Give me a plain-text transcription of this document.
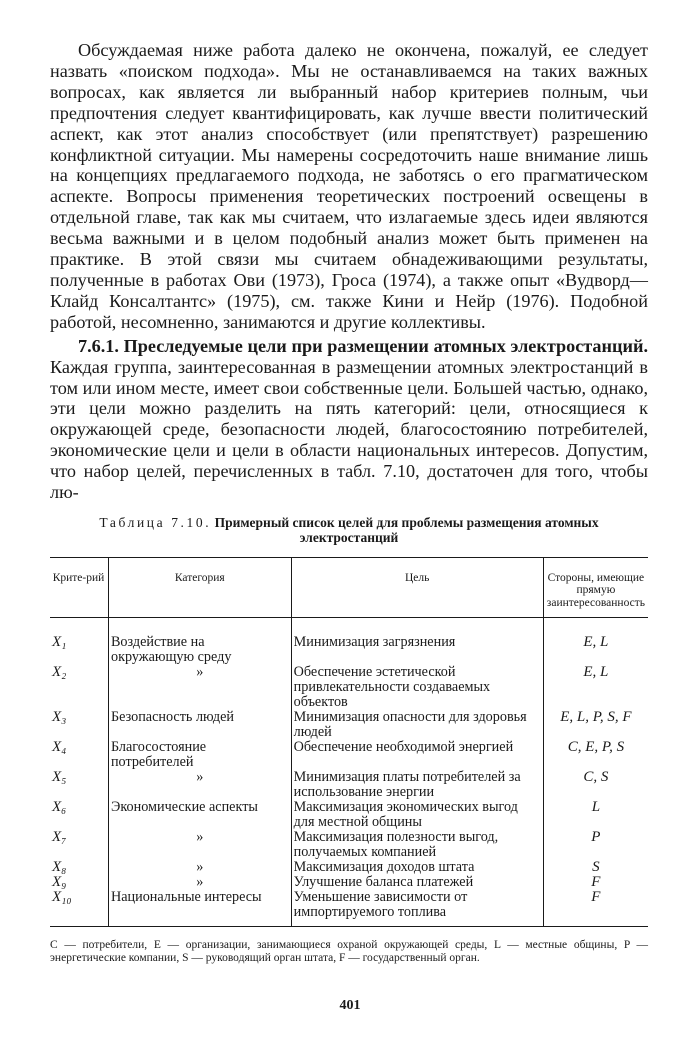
Обсуждаемая ниже работа далеко не окончена, пожалуй, ее следует назвать «поиском подхода». Мы не останавливаемся на таких важных вопросах, как является ли выбранный набор критериев полным, чьи предпочтения следует квантифицировать, как лучше ввести политический аспект, как этот анализ способствует (или препятствует) разрешению конфликтной ситуации. Мы намерены сосредоточить наше внимание лишь на концепциях предлагаемого подхода, не заботясь о его прагматическом аспекте. Вопросы применения теоретических построений освещены в отдельной главе, так как мы считаем, что излагаемые здесь идеи являются весьма важными и в целом подобный анализ может быть применен на практике. В этой связи мы считаем обнадеживающими результаты, полученные в работах Ови (1973), Гроса (1974), а также опыт «Вудворд—Клайд Консалтантс» (1975), см. также Кини и Нейр (1976). Подобной работой, несомненно, занимаются и другие коллективы.

7.6.1. Преследуемые цели при размещении атомных электростанций. Каждая группа, заинтересованная в размещении атомных электростанций в том или ином месте, имеет свои собственные цели. Большей частью, однако, эти цели можно разделить на пять категорий: цели, относящиеся к окружающей среде, безопасности людей, благосостоянию потребителей, экономические цели и цели в области национальных интересов. Допустим, что набор целей, перечисленных в табл. 7.10, достаточен для того, чтобы лю-

Таблица 7.10. Примерный список целей для проблемы размещения атомных электростанций
Крите-рий	Категория	Цель	Стороны, имеющие прямую заинтересованность
X₁	Воздействие на окружающую среду	Минимизация загрязнения	E, L
X₂	»	Обеспечение эстетической привлекательности создаваемых объектов	E, L
X₃	Безопасность людей	Минимизация опасности для здоровья людей	E, L, P, S, F
X₄	Благосостояние потребителей	Обеспечение необходимой энергией	C, E, P, S
X₅	»	Минимизация платы потребителей за использование энергии	C, S
X₆	Экономические аспекты	Максимизация экономических выгод для местной общины	L
X₇	»	Максимизация полезности выгод, получаемых компанией	P
X₈	»	Максимизация доходов штата	S
X₉	»	Улучшение баланса платежей	F
X₁₀	Национальные интересы	Уменьшение зависимости от импортируемого топлива	F
C — потребители, E — организации, занимающиеся охраной окружающей среды, L — местные общины, P — энергетические компании, S — руководящий орган штата, F — государственный орган.
401
